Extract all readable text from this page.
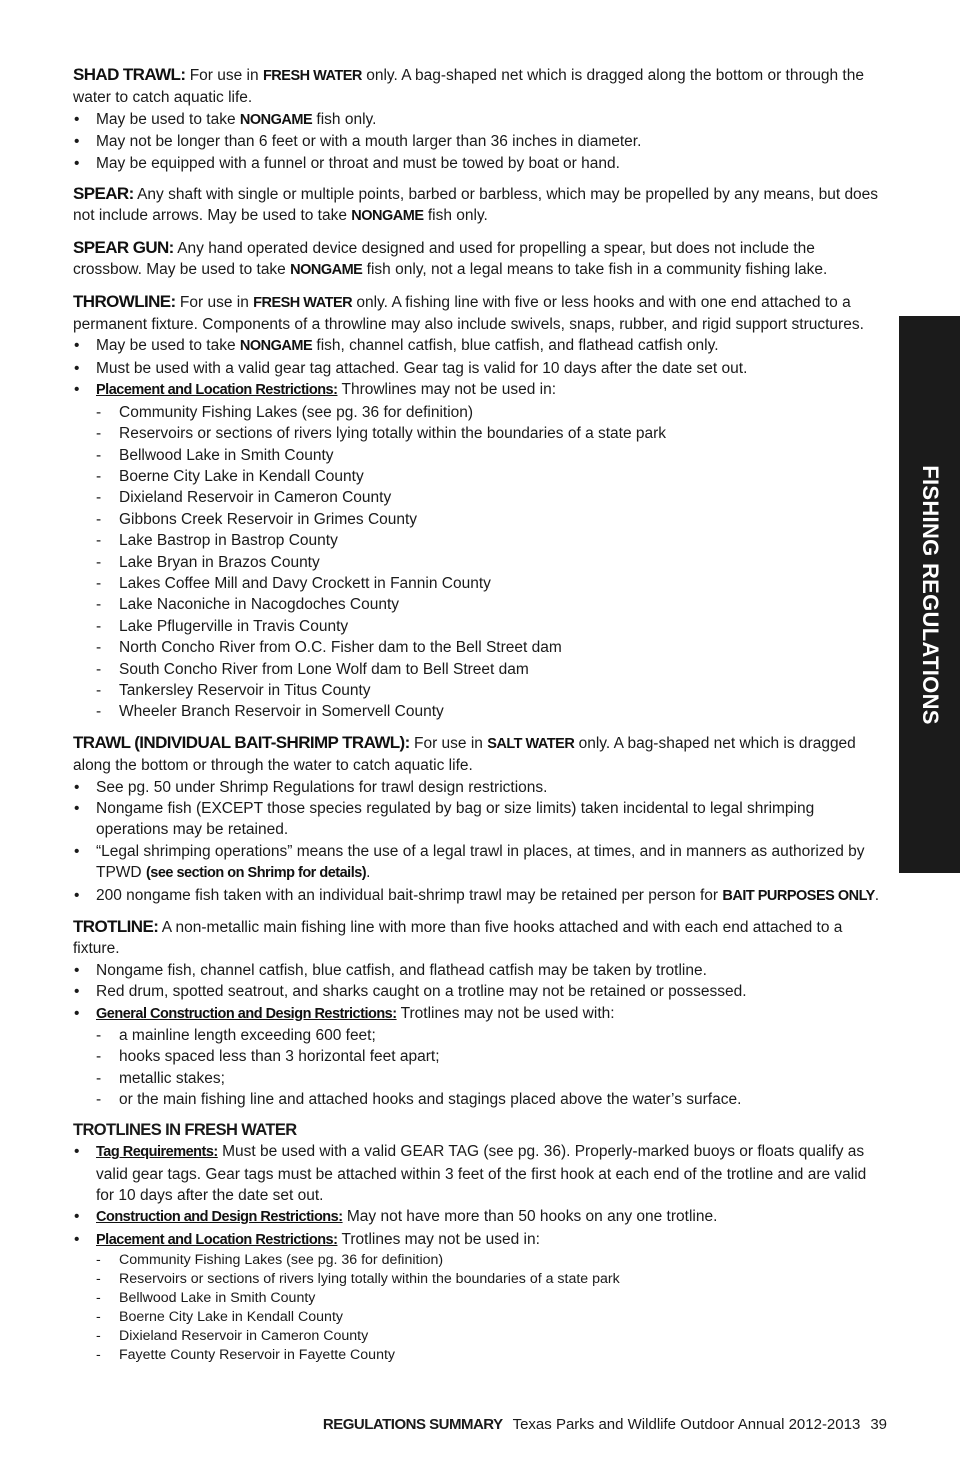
FISHING REGULATIONS

SHAD TRAWL: For use in FRESH WATER only. A bag-shaped net which is dragged along the bottom or through the water to catch aquatic life.

• May be used to take NONGAME fish only.
• May not be longer than 6 feet or with a mouth larger than 36 inches in diameter.
• May be equipped with a funnel or throat and must be towed by boat or hand.

SPEAR: Any shaft with single or multiple points, barbed or barbless, which may be propelled by any means, but does not include arrows. May be used to take NONGAME fish only.

SPEAR GUN: Any hand operated device designed and used for propelling a spear, but does not include the crossbow. May be used to take NONGAME fish only, not a legal means to take fish in a community fishing lake.

THROWLINE: For use in FRESH WATER only. A fishing line with five or less hooks and with one end attached to a permanent fixture. Components of a throwline may also include swivels, snaps, rubber, and rigid support structures.

• May be used to take NONGAME fish, channel catfish, blue catfish, and flathead catfish only.
• Must be used with a valid gear tag attached. Gear tag is valid for 10 days after the date set out.
• Placement and Location Restrictions: Throwlines may not be used in:
- Community Fishing Lakes (see pg. 36 for definition)
- Reservoirs or sections of rivers lying totally within the boundaries of a state park
- Bellwood Lake in Smith County
- Boerne City Lake in Kendall County
- Dixieland Reservoir in Cameron County
- Gibbons Creek Reservoir in Grimes County
- Lake Bastrop in Bastrop County
- Lake Bryan in Brazos County
- Lakes Coffee Mill and Davy Crockett in Fannin County
- Lake Naconiche in Nacogdoches County
- Lake Pflugerville in Travis County
- North Concho River from O.C. Fisher dam to the Bell Street dam
- South Concho River from Lone Wolf dam to Bell Street dam
- Tankersley Reservoir in Titus County
- Wheeler Branch Reservoir in Somervell County

TRAWL (INDIVIDUAL BAIT-SHRIMP TRAWL): For use in SALT WATER only. A bag-shaped net which is dragged along the bottom or through the water to catch aquatic life.

• See pg. 50 under Shrimp Regulations for trawl design restrictions.
• Nongame fish (EXCEPT those species regulated by bag or size limits) taken incidental to legal shrimping operations may be retained.
• “Legal shrimping operations” means the use of a legal trawl in places, at times, and in manners as authorized by TPWD (see section on Shrimp for details).
• 200 nongame fish taken with an individual bait-shrimp trawl may be retained per person for BAIT PURPOSES ONLY.

TROTLINE: A non-metallic main fishing line with more than five hooks attached and with each end attached to a fixture.

• Nongame fish, channel catfish, blue catfish, and flathead catfish may be taken by trotline.
• Red drum, spotted seatrout, and sharks caught on a trotline may not be retained or possessed.
• General Construction and Design Restrictions: Trotlines may not be used with:
- a mainline length exceeding 600 feet;
- hooks spaced less than 3 horizontal feet apart;
- metallic stakes;
- or the main fishing line and attached hooks and stagings placed above the water’s surface.
TROTLINES IN FRESH WATER
• Tag Requirements: Must be used with a valid GEAR TAG (see pg. 36). Properly-marked buoys or floats qualify as valid gear tags. Gear tags must be attached within 3 feet of the first hook at each end of the trotline and are valid for 10 days after the date set out.
• Construction and Design Restrictions: May not have more than 50 hooks on any one trotline.
• Placement and Location Restrictions: Trotlines may not be used in:
- Community Fishing Lakes (see pg. 36 for definition)
- Reservoirs or sections of rivers lying totally within the boundaries of a state park
- Bellwood Lake in Smith County
- Boerne City Lake in Kendall County
- Dixieland Reservoir in Cameron County
- Fayette County Reservoir in Fayette County
REGULATIONS SUMMARY Texas Parks and Wildlife Outdoor Annual 2012-2013 39
